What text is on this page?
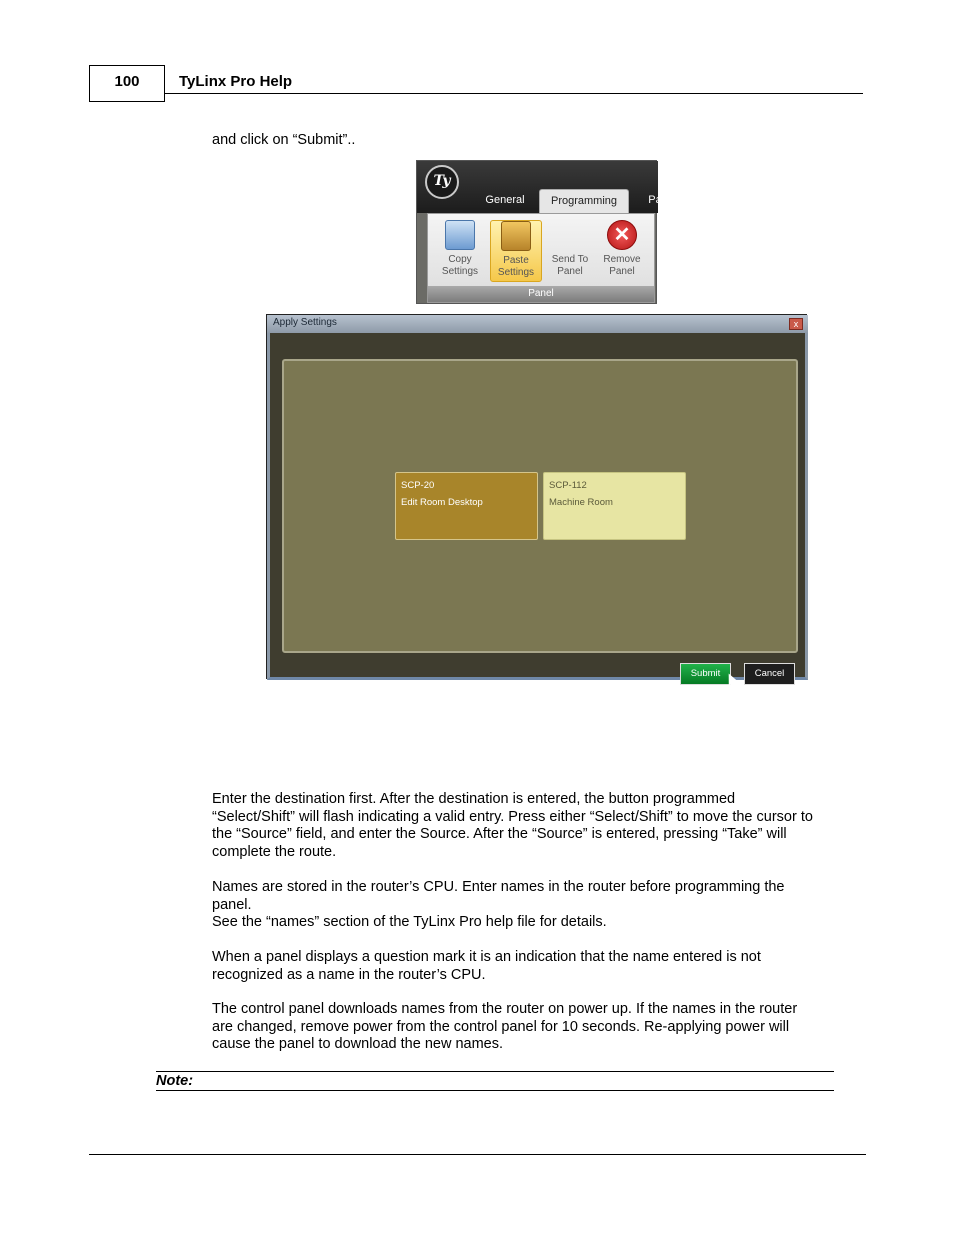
100	TyLinx Pro Help
and click on “Submit”..
Ty
General	Programming	Pa
Copy
Settings
Paste
Settings
Send To
Panel
✕
Remove
Panel
Panel
Apply Settings	x
SCP-20
Edit Room Desktop
SCP-112
Machine Room
Submit	Cancel
Enter the destination first. After the destination is entered, the button programmed
“Select/Shift” will flash indicating a valid entry. Press either “Select/Shift” to move the cursor to
the “Source” field, and enter the Source. After the “Source” is entered, pressing “Take” will
complete the route.
Names are stored in the router’s CPU. Enter names in the router before programming the
panel.
See the “names” section of the TyLinx Pro help file for details.
When a panel displays a question mark it is an indication that the name entered is not
recognized as a name in the router’s CPU.
The control panel downloads names from the router on power up. If the names in the router
are changed, remove power from the control panel for 10 seconds. Re-applying power will
cause the panel to download the new names.
Note:
